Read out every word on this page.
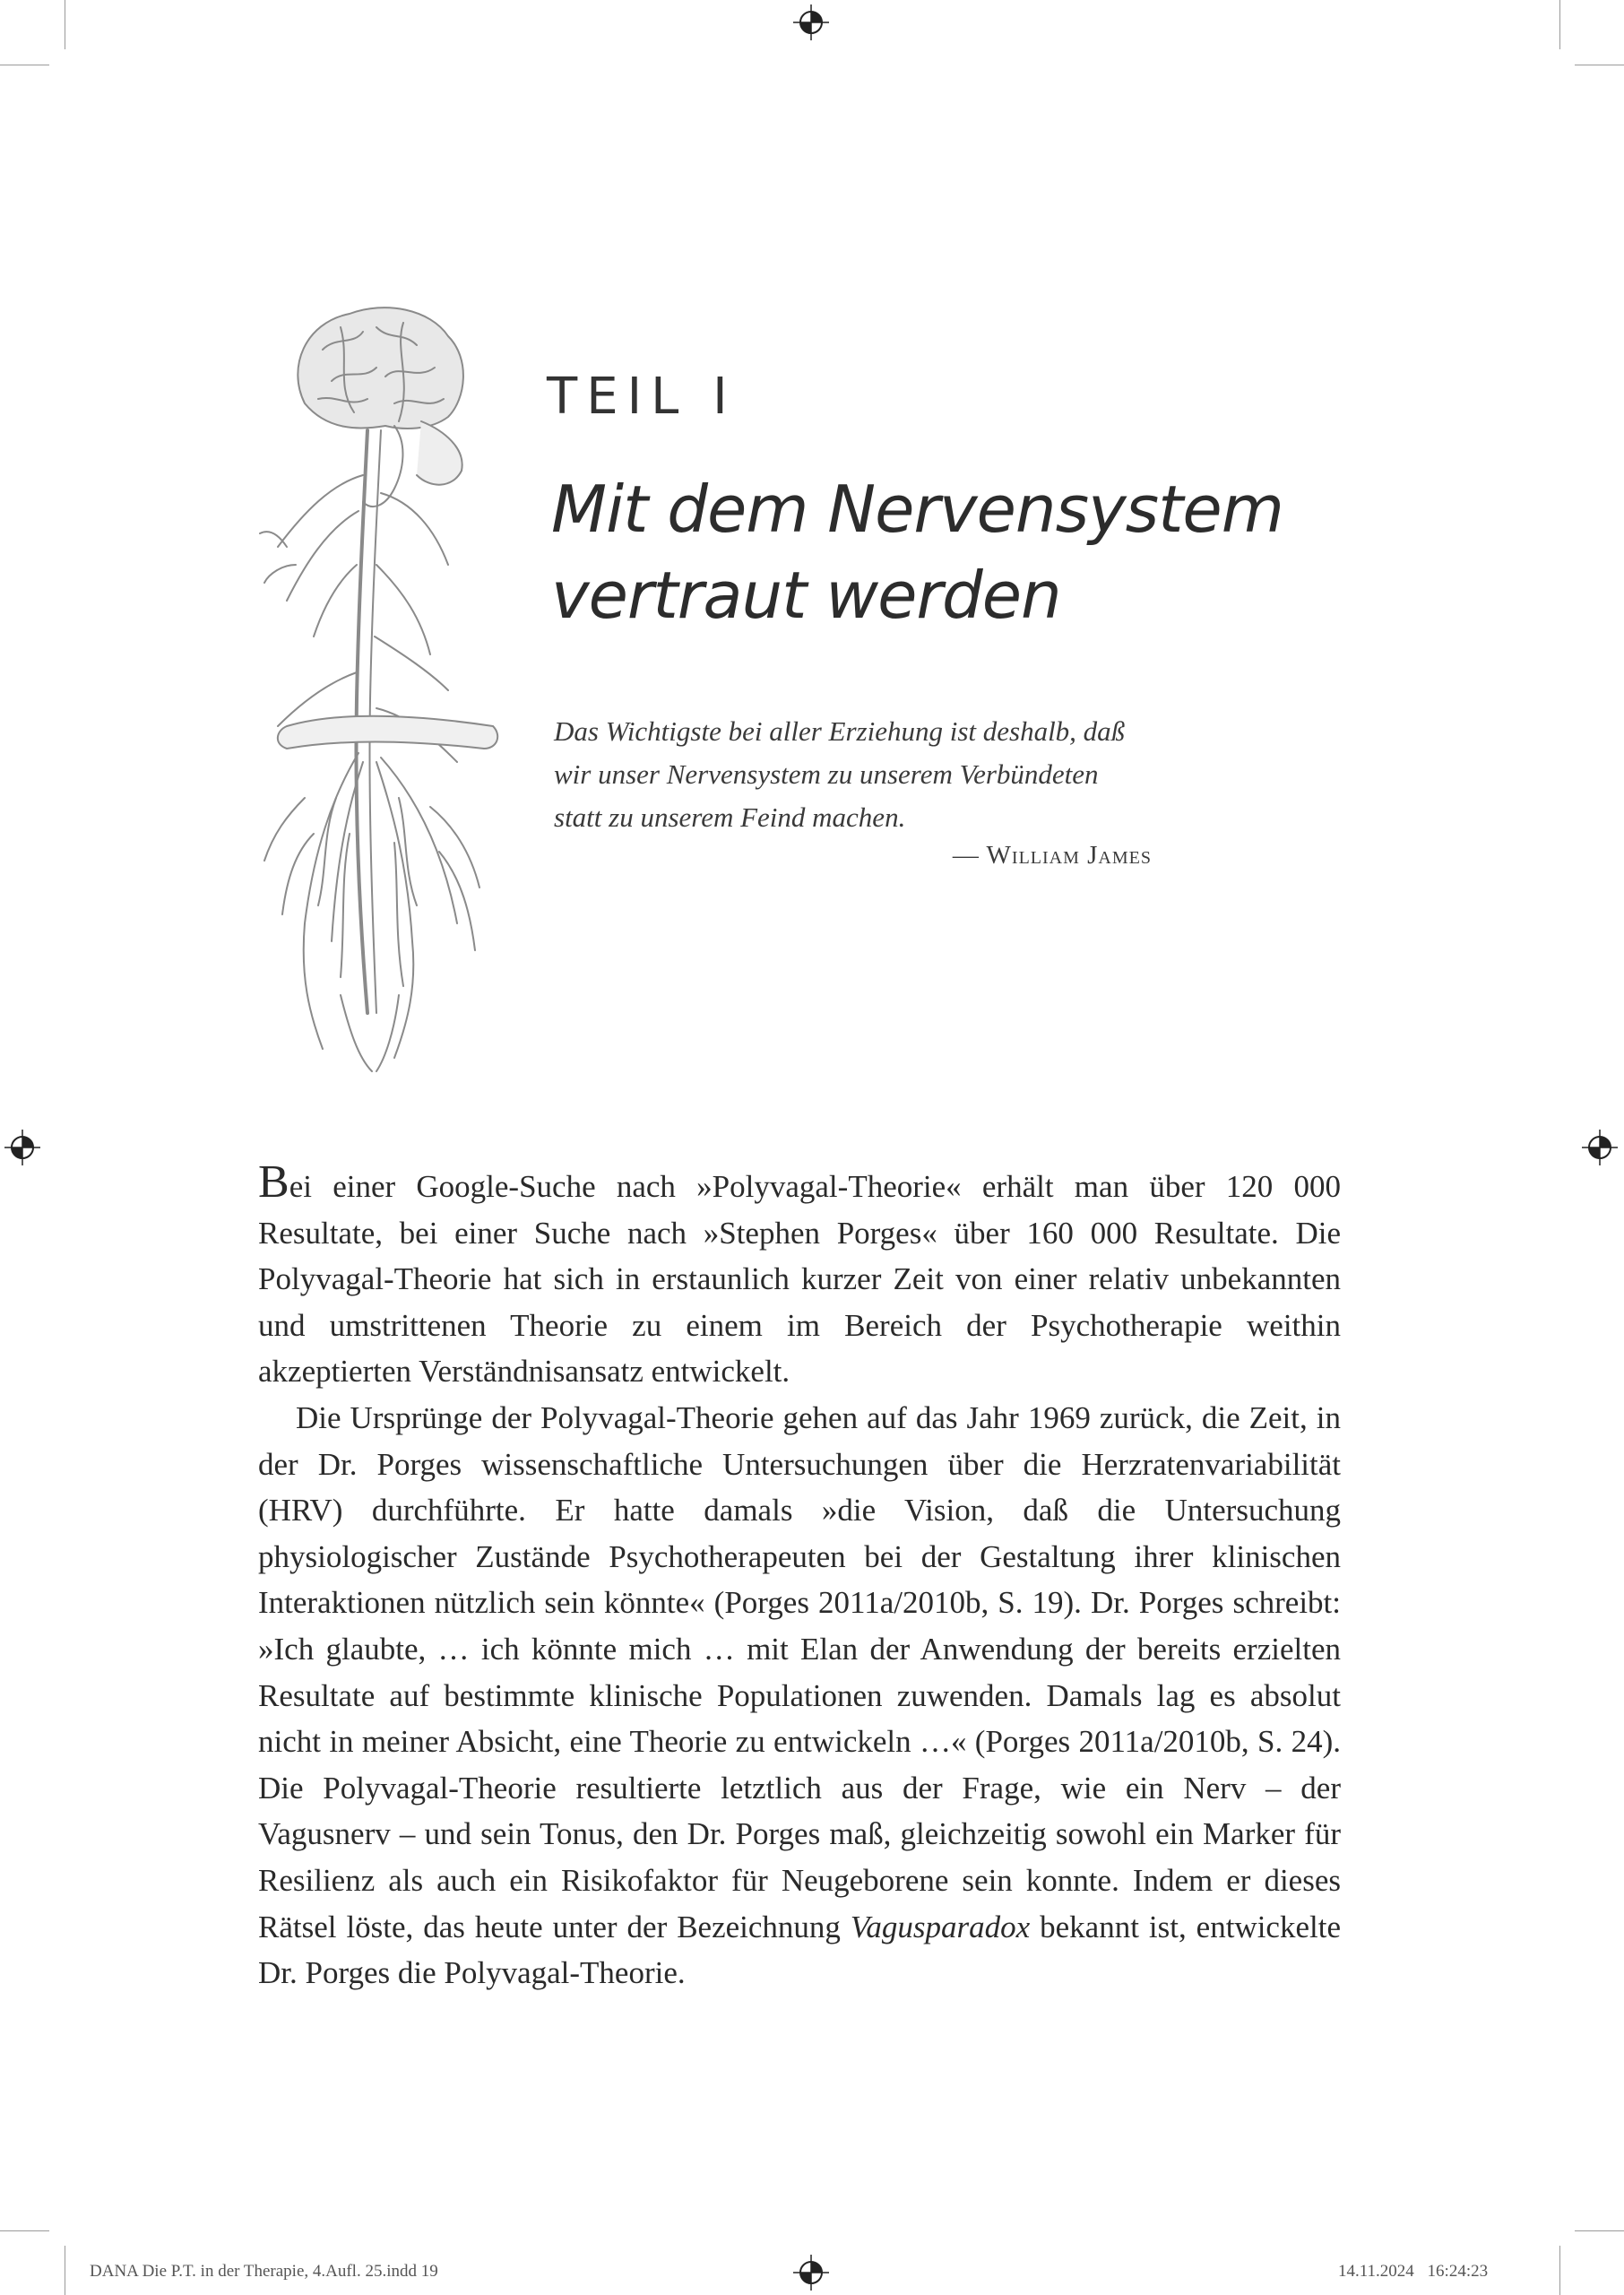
TEIL I
Mit dem Nervensystem
vertraut werden

Das Wichtigste bei aller Erziehung ist deshalb, daß

wir unser Nervensystem zu unserem Verbündeten

statt zu unserem Feind machen.

— William James

Bei einer Google-Suche nach »Polyvagal-Theorie« erhält man über 120 000 Resultate, bei einer Suche nach »Stephen Porges« über 160 000 Resultate. Die Polyvagal-Theorie hat sich in erstaunlich kurzer Zeit von einer relativ unbekannten und umstrittenen Theorie zu einem im Bereich der Psychotherapie weithin akzeptierten Verständnisansatz entwickelt.

Die Ursprünge der Polyvagal-Theorie gehen auf das Jahr 1969 zurück, die Zeit, in der Dr. Porges wissenschaftliche Untersuchungen über die Herzratenvariabilität (HRV) durchführte. Er hatte damals »die Vision, daß die Untersuchung physiologischer Zustände Psychotherapeuten bei der Gestaltung ihrer klinischen Interaktionen nützlich sein könnte« (Porges 2011a/2010b, S. 19). Dr. Porges schreibt: »Ich glaubte, … ich könnte mich … mit Elan der Anwendung der bereits erzielten Resultate auf bestimmte klinische Populationen zuwenden. Damals lag es absolut nicht in meiner Absicht, eine Theorie zu entwickeln …« (Porges 2011a/2010b, S. 24). Die Polyvagal-Theorie resultierte letztlich aus der Frage, wie ein Nerv – der Vagusnerv – und sein Tonus, den Dr. Porges maß, gleichzeitig sowohl ein Marker für Resilienz als auch ein Risikofaktor für Neugeborene sein konnte. Indem er dieses Rätsel löste, das heute unter der Bezeichnung Vagusparadox bekannt ist, entwickelte Dr. Porges die Polyvagal-Theorie.

DANA Die P.T. in der Therapie, 4.Aufl. 25.indd 19	14.11.2024 16:24:23
